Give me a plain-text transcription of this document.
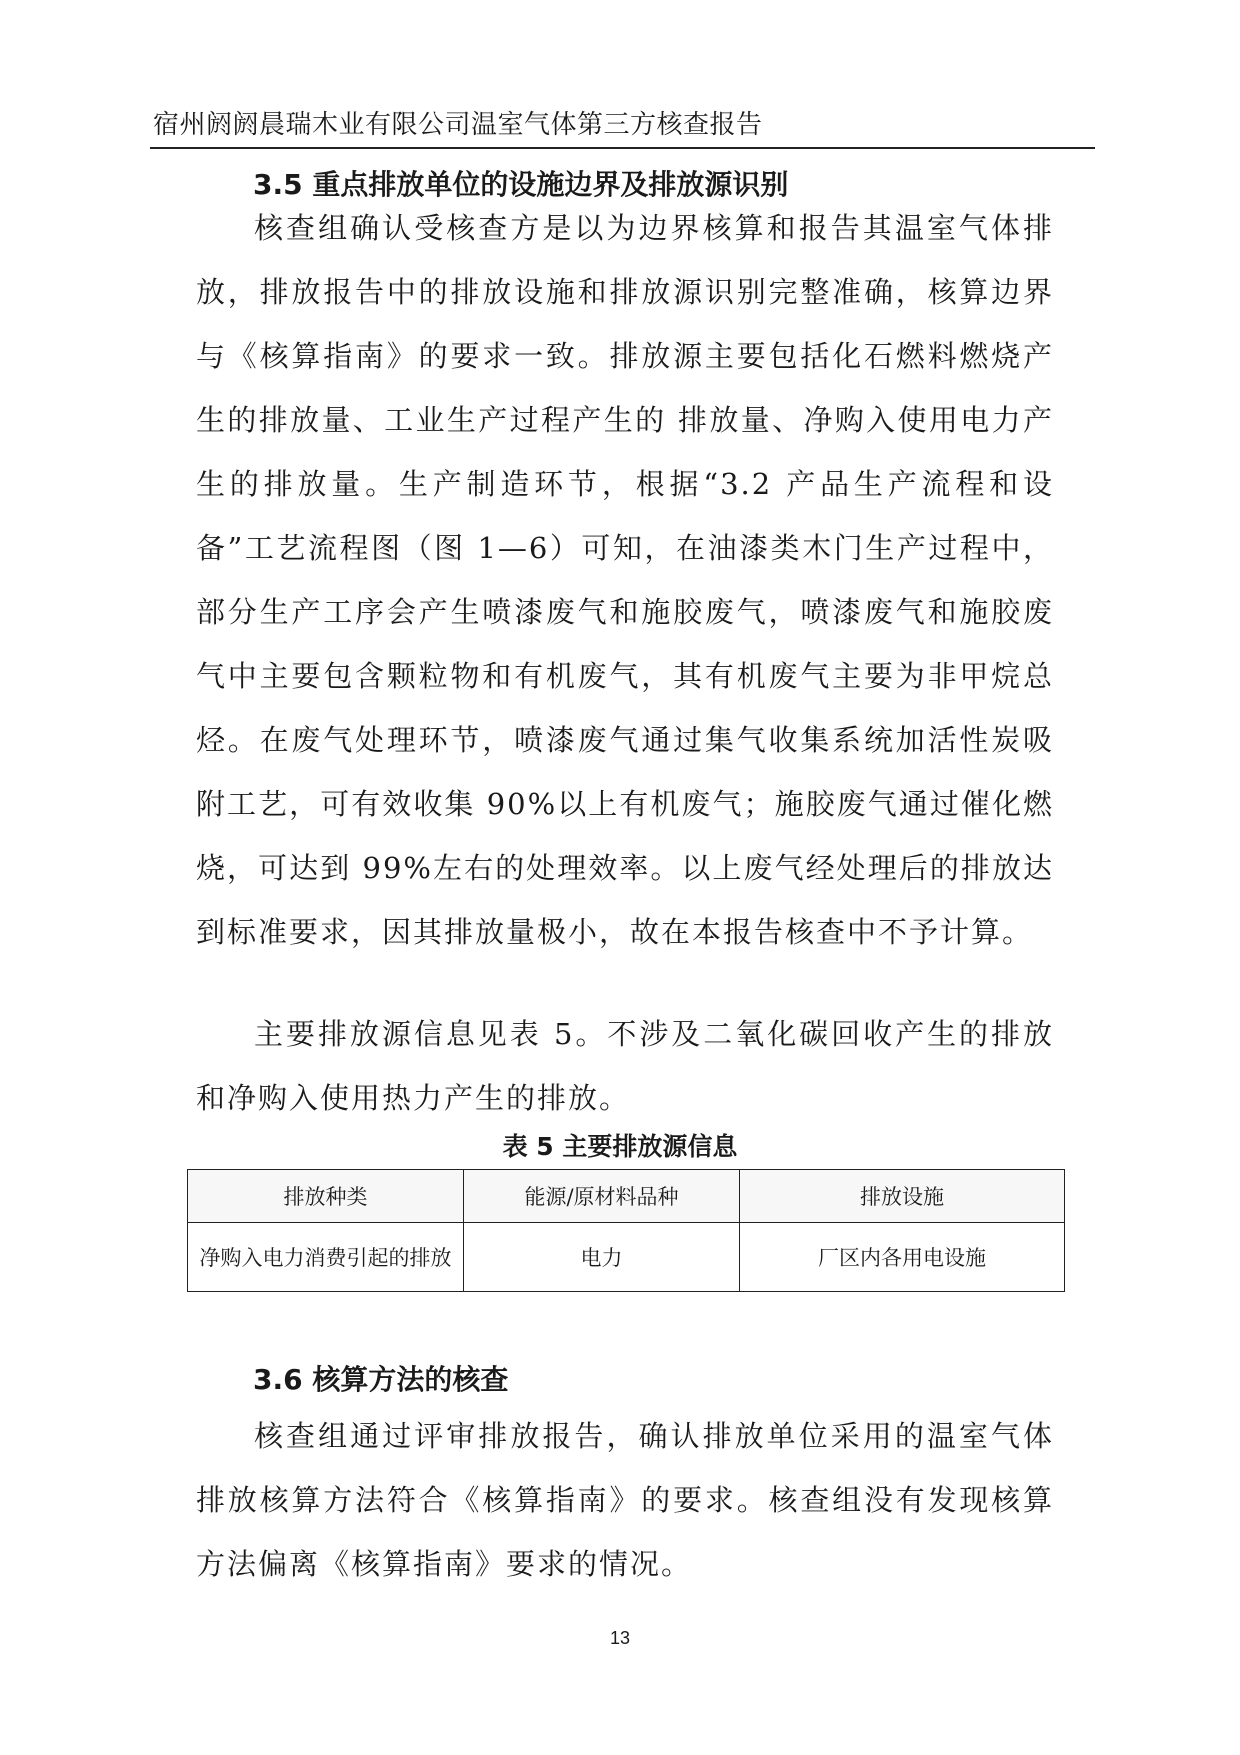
宿州阏阏晨瑞木业有限公司温室气体第三方核查报告
3.5 重点排放单位的设施边界及排放源识别

核查组确认受核查方是以为边界核算和报告其温室气体排放，排放报告中的排放设施和排放源识别完整准确，核算边界与《核算指南》的要求一致。排放源主要包括化石燃料燃烧产生的排放量、工业生产过程产生的 排放量、净购入使用电力产生的排放量。生产制造环节，根据“3.2 产品生产流程和设备”工艺流程图（图 1—6）可知，在油漆类木门生产过程中，部分生产工序会产生喷漆废气和施胶废气，喷漆废气和施胶废气中主要包含颗粒物和有机废气，其有机废气主要为非甲烷总烃。在废气处理环节，喷漆废气通过集气收集系统加活性炭吸附工艺，可有效收集 90%以上有机废气；施胶废气通过催化燃烧，可达到 99%左右的处理效率。以上废气经处理后的排放达到标准要求，因其排放量极小，故在本报告核查中不予计算。

主要排放源信息见表 5。不涉及二氧化碳回收产生的排放和净购入使用热力产生的排放。

表 5 主要排放源信息
排放种类	能源/原材料品种	排放设施
净购入电力消费引起的排放	电力	厂区内各用电设施
3.6 核算方法的核查

核查组通过评审排放报告，确认排放单位采用的温室气体排放核算方法符合《核算指南》的要求。核查组没有发现核算方法偏离《核算指南》要求的情况。

13
